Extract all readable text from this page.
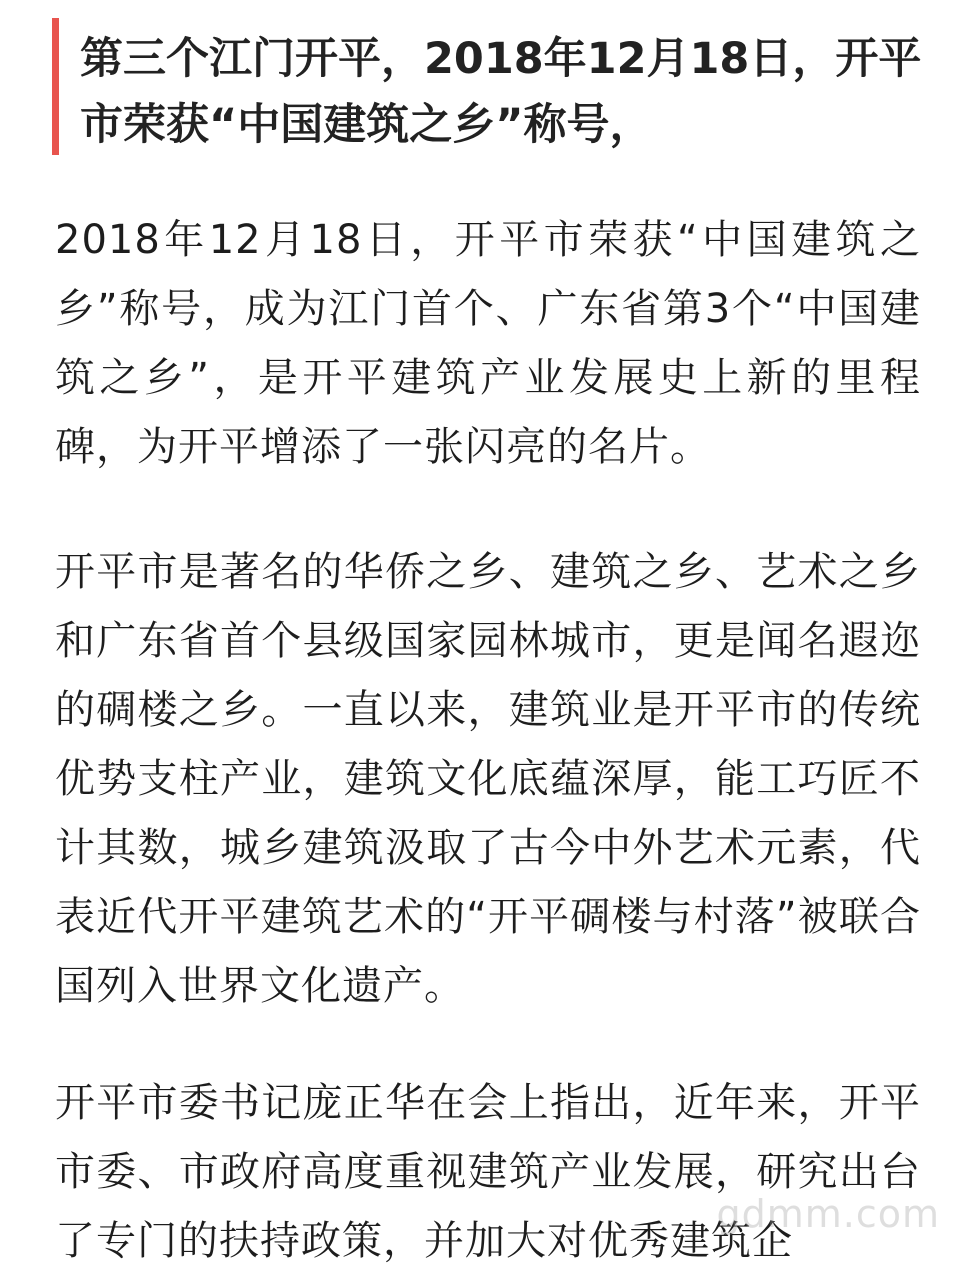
第三个江门开平，2018年12月18日，开平市荣获“中国建筑之乡”称号，

2018年12月18日，开平市荣获“中国建筑之乡”称号，成为江门首个、广东省第3个“中国建筑之乡”，是开平建筑产业发展史上新的里程碑，为开平增添了一张闪亮的名片。

开平市是著名的华侨之乡、建筑之乡、艺术之乡和广东省首个县级国家园林城市，更是闻名遐迩的碉楼之乡。一直以来，建筑业是开平市的传统优势支柱产业，建筑文化底蕴深厚，能工巧匠不计其数，城乡建筑汲取了古今中外艺术元素，代表近代开平建筑艺术的“开平碉楼与村落”被联合国列入世界文化遗产。

开平市委书记庞正华在会上指出，近年来，开平市委、市政府高度重视建筑产业发展，研究出台了专门的扶持政策，并加大对优秀建筑企

gdmm.com
